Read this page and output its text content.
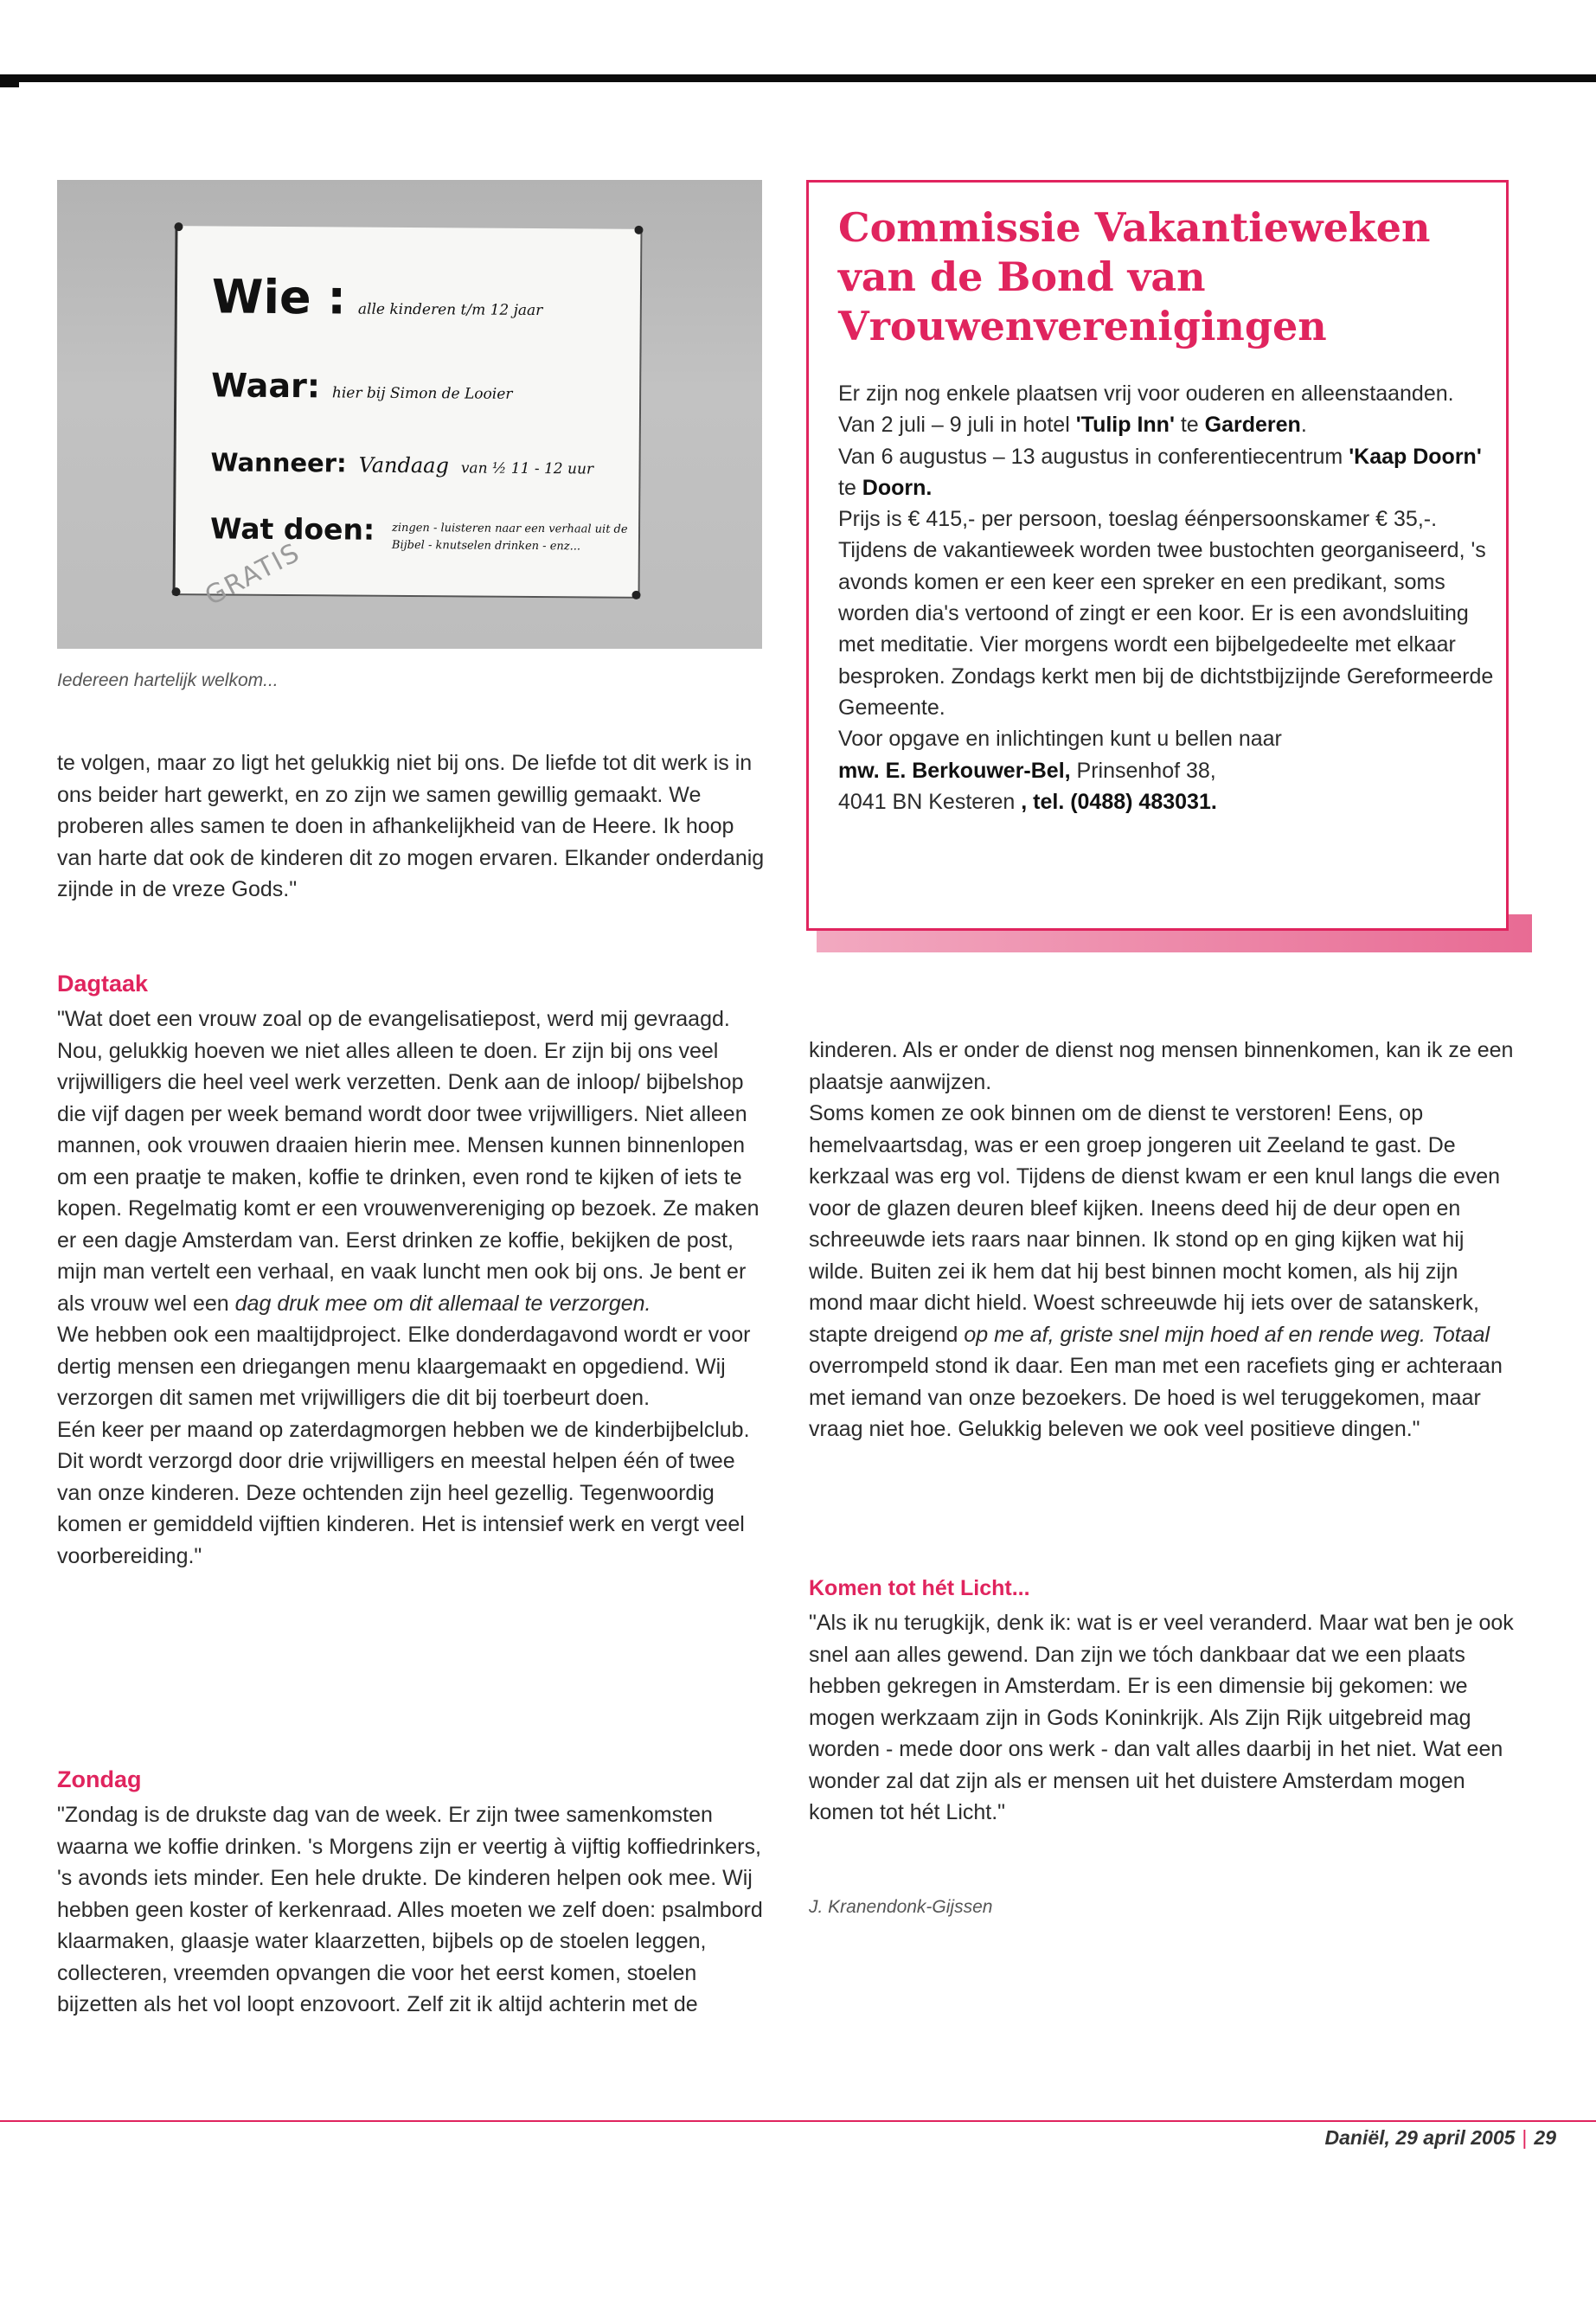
Wie : alle kinderen t/m 12 jaar
Waar: hier bij Simon de Looier
Wanneer: Vandaag van ½ 11 - 12 uur
Wat doen: zingen - luisteren naar een verhaal uit de Bijbel - knutselen drinken - enz...
GRATIS
Iedereen hartelijk welkom...

te volgen, maar zo ligt het gelukkig niet bij ons. De liefde tot dit werk is in ons beider hart gewerkt, en zo zijn we samen gewillig gemaakt. We proberen alles samen te doen in afhankelijkheid van de Heere. Ik hoop van harte dat ook de kinderen dit zo mogen ervaren. Elkander onderdanig zijnde in de vreze Gods."

Dagtaak

"Wat doet een vrouw zoal op de evangelisatiepost, werd mij gevraagd. Nou, gelukkig hoeven we niet alles alleen te doen. Er zijn bij ons veel vrijwilligers die heel veel werk verzetten. Denk aan de inloop/ bijbelshop die vijf dagen per week bemand wordt door twee vrijwilligers. Niet alleen mannen, ook vrouwen draaien hierin mee. Mensen kunnen binnenlopen om een praatje te maken, koffie te drinken, even rond te kijken of iets te kopen. Regelmatig komt er een vrouwenvereniging op bezoek. Ze maken er een dagje Amsterdam van. Eerst drinken ze koffie, bekijken de post, mijn man vertelt een verhaal, en vaak luncht men ook bij ons. Je bent er als vrouw wel een dag druk mee om dit allemaal te verzorgen.

We hebben ook een maaltijdproject. Elke donderdagavond wordt er voor dertig mensen een driegangen menu klaargemaakt en opgediend. Wij verzorgen dit samen met vrijwilligers die dit bij toerbeurt doen.

Eén keer per maand op zaterdagmorgen hebben we de kinderbijbelclub. Dit wordt verzorgd door drie vrijwilligers en meestal helpen één of twee van onze kinderen. Deze ochtenden zijn heel gezellig. Tegenwoordig komen er gemiddeld vijftien kinderen. Het is intensief werk en vergt veel voorbereiding."

Zondag

"Zondag is de drukste dag van de week. Er zijn twee samenkomsten waarna we koffie drinken. 's Morgens zijn er veertig à vijftig koffiedrinkers, 's avonds iets minder. Een hele drukte. De kinderen helpen ook mee. Wij hebben geen koster of kerkenraad. Alles moeten we zelf doen: psalmbord klaarmaken, glaasje water klaarzetten, bijbels op de stoelen leggen, collecteren, vreemden opvangen die voor het eerst komen, stoelen bijzetten als het vol loopt enzovoort. Zelf zit ik altijd achterin met de

Commissie Vakantieweken van de Bond van Vrouwenverenigingen

Er zijn nog enkele plaatsen vrij voor ouderen en alleenstaanden.

Van 2 juli – 9 juli in hotel 'Tulip Inn' te Garderen.

Van 6 augustus – 13 augustus in conferentiecentrum 'Kaap Doorn' te Doorn.

Prijs is € 415,- per persoon, toeslag éénpersoonskamer € 35,-.

Tijdens de vakantieweek worden twee bustochten georganiseerd, 's avonds komen er een keer een spreker en een predikant, soms worden dia's vertoond of zingt er een koor. Er is een avondsluiting met meditatie. Vier morgens wordt een bijbelgedeelte met elkaar besproken. Zondags kerkt men bij de dichtstbijzijnde Gereformeerde Gemeente.

Voor opgave en inlichtingen kunt u bellen naar

mw. E. Berkouwer-Bel, Prinsenhof 38,
4041 BN Kesteren , tel. (0488) 483031.

kinderen. Als er onder de dienst nog mensen binnenkomen, kan ik ze een plaatsje aanwijzen.

Soms komen ze ook binnen om de dienst te verstoren! Eens, op hemelvaartsdag, was er een groep jongeren uit Zeeland te gast. De kerkzaal was erg vol. Tijdens de dienst kwam er een knul langs die even voor de glazen deuren bleef kijken. Ineens deed hij de deur open en schreeuwde iets raars naar binnen. Ik stond op en ging kijken wat hij wilde. Buiten zei ik hem dat hij best binnen mocht komen, als hij zijn mond maar dicht hield. Woest schreeuwde hij iets over de satanskerk, stapte dreigend op me af, griste snel mijn hoed af en rende weg. Totaal overrompeld stond ik daar. Een man met een racefiets ging er achteraan met iemand van onze bezoekers. De hoed is wel teruggekomen, maar vraag niet hoe. Gelukkig beleven we ook veel positieve dingen."

Komen tot hét Licht...

"Als ik nu terugkijk, denk ik: wat is er veel veranderd. Maar wat ben je ook snel aan alles gewend. Dan zijn we tóch dankbaar dat we een plaats hebben gekregen in Amsterdam. Er is een dimensie bij gekomen: we mogen werkzaam zijn in Gods Koninkrijk. Als Zijn Rijk uitgebreid mag worden - mede door ons werk - dan valt alles daarbij in het niet. Wat een wonder zal dat zijn als er mensen uit het duistere Amsterdam mogen komen tot hét Licht."

J. Kranendonk-Gijssen
Daniël, 29 april 2005 | 29
